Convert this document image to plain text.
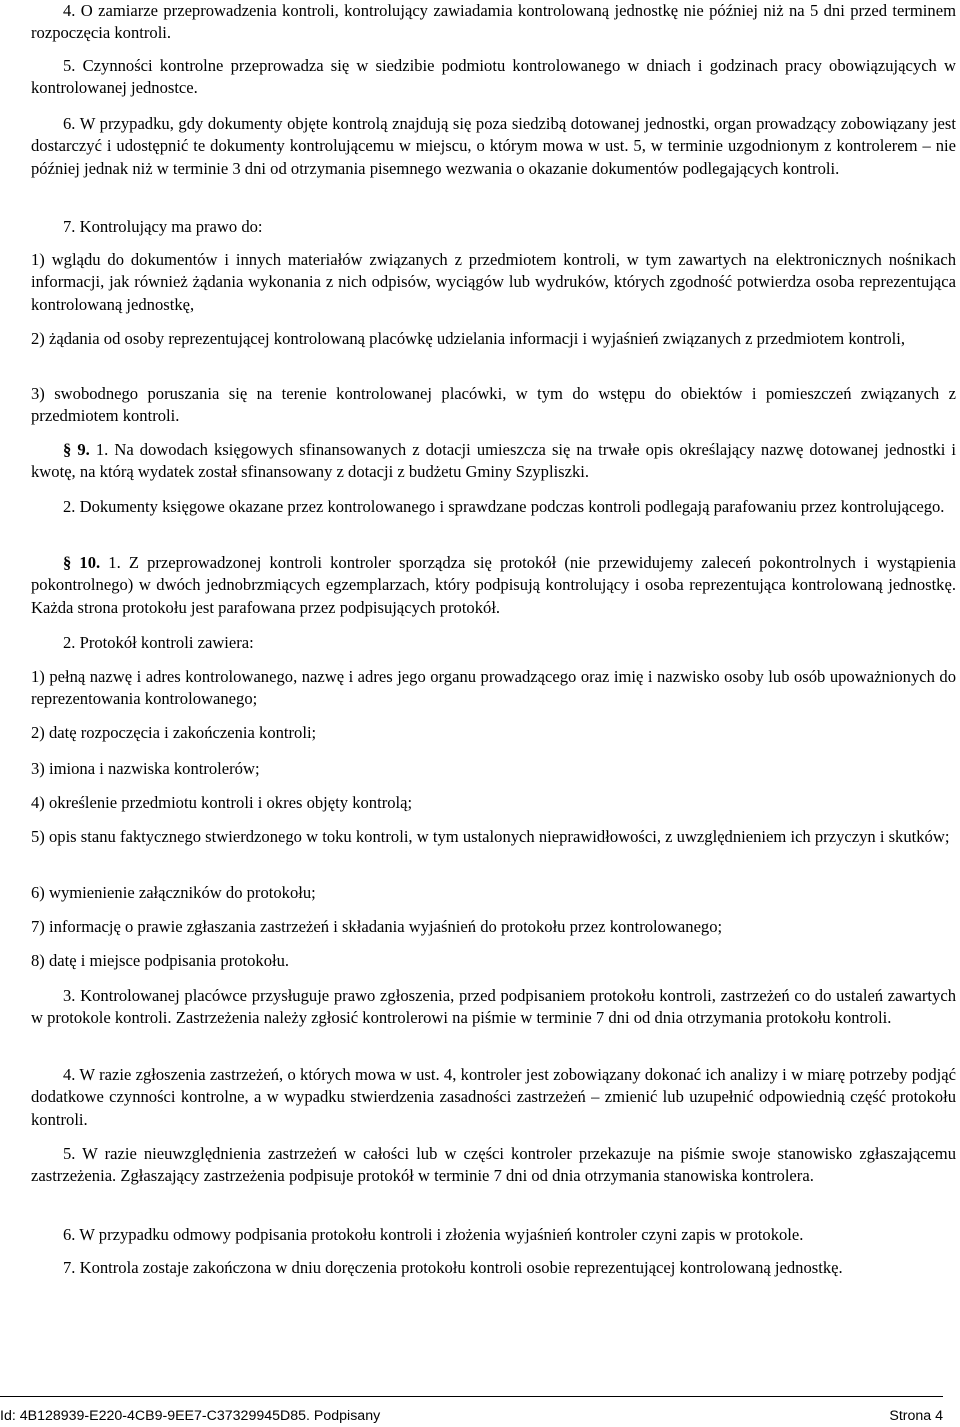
4. O zamiarze przeprowadzenia kontroli, kontrolujący zawiadamia kontrolowaną jednostkę nie później niż na 5 dni przed terminem rozpoczęcia kontroli.

5. Czynności kontrolne przeprowadza się w siedzibie podmiotu kontrolowanego w dniach i godzinach pracy obowiązujących w kontrolowanej jednostce.

6. W przypadku, gdy dokumenty objęte kontrolą znajdują się poza siedzibą dotowanej jednostki, organ prowadzący zobowiązany jest dostarczyć i udostępnić te dokumenty kontrolującemu w miejscu, o którym mowa w ust. 5, w terminie uzgodnionym z kontrolerem – nie później jednak niż w terminie 3 dni od otrzymania pisemnego wezwania o okazanie dokumentów podlegających kontroli.

7. Kontrolujący ma prawo do:

1) wglądu do dokumentów i innych materiałów związanych z przedmiotem kontroli, w tym zawartych na elektronicznych nośnikach informacji, jak również żądania wykonania z nich odpisów, wyciągów lub wydruków, których zgodność potwierdza osoba reprezentująca kontrolowaną jednostkę,

2) żądania od osoby reprezentującej kontrolowaną placówkę udzielania informacji i wyjaśnień związanych z przedmiotem kontroli,

3) swobodnego poruszania się na terenie kontrolowanej placówki, w tym do wstępu do obiektów i pomieszczeń związanych z przedmiotem kontroli.

§ 9. 1. Na dowodach księgowych sfinansowanych z dotacji umieszcza się na trwałe opis określający nazwę dotowanej jednostki i kwotę, na którą wydatek został sfinansowany z dotacji z budżetu Gminy Szypliszki.

2. Dokumenty księgowe okazane przez kontrolowanego i sprawdzane podczas kontroli podlegają parafowaniu przez kontrolującego.

§ 10. 1. Z przeprowadzonej kontroli kontroler sporządza się protokół (nie przewidujemy zaleceń pokontrolnych i wystąpienia pokontrolnego) w dwóch jednobrzmiących egzemplarzach, który podpisują kontrolujący i osoba reprezentująca kontrolowaną jednostkę. Każda strona protokołu jest parafowana przez podpisujących protokół.

2. Protokół kontroli zawiera:

1) pełną nazwę i adres kontrolowanego, nazwę i adres jego organu prowadzącego oraz imię i nazwisko osoby lub osób upoważnionych do reprezentowania kontrolowanego;

2) datę rozpoczęcia i zakończenia kontroli;

3) imiona i nazwiska kontrolerów;

4) określenie przedmiotu kontroli i okres objęty kontrolą;

5) opis stanu faktycznego stwierdzonego w toku kontroli, w tym ustalonych nieprawidłowości, z uwzględnieniem ich przyczyn i skutków;

6) wymienienie załączników do protokołu;

7) informację o prawie zgłaszania zastrzeżeń i składania wyjaśnień do protokołu przez kontrolowanego;

8) datę i miejsce podpisania protokołu.

3. Kontrolowanej placówce przysługuje prawo zgłoszenia, przed podpisaniem protokołu kontroli, zastrzeżeń co do ustaleń zawartych w protokole kontroli. Zastrzeżenia należy zgłosić kontrolerowi na piśmie w terminie 7 dni od dnia otrzymania protokołu kontroli.

4. W razie zgłoszenia zastrzeżeń, o których mowa w ust. 4, kontroler jest zobowiązany dokonać ich analizy i w miarę potrzeby podjąć dodatkowe czynności kontrolne, a w wypadku stwierdzenia zasadności zastrzeżeń – zmienić lub uzupełnić odpowiednią część protokołu kontroli.

5. W razie nieuwzględnienia zastrzeżeń w całości lub w części kontroler przekazuje na piśmie swoje stanowisko zgłaszającemu zastrzeżenia. Zgłaszający zastrzeżenia podpisuje protokół w terminie 7 dni od dnia otrzymania stanowiska kontrolera.

6. W przypadku odmowy podpisania protokołu kontroli i złożenia wyjaśnień kontroler czyni zapis w protokole.

7. Kontrola zostaje zakończona w dniu doręczenia protokołu kontroli osobie reprezentującej kontrolowaną jednostkę.

Id: 4B128939-E220-4CB9-9EE7-C37329945D85. Podpisany	Strona 4
